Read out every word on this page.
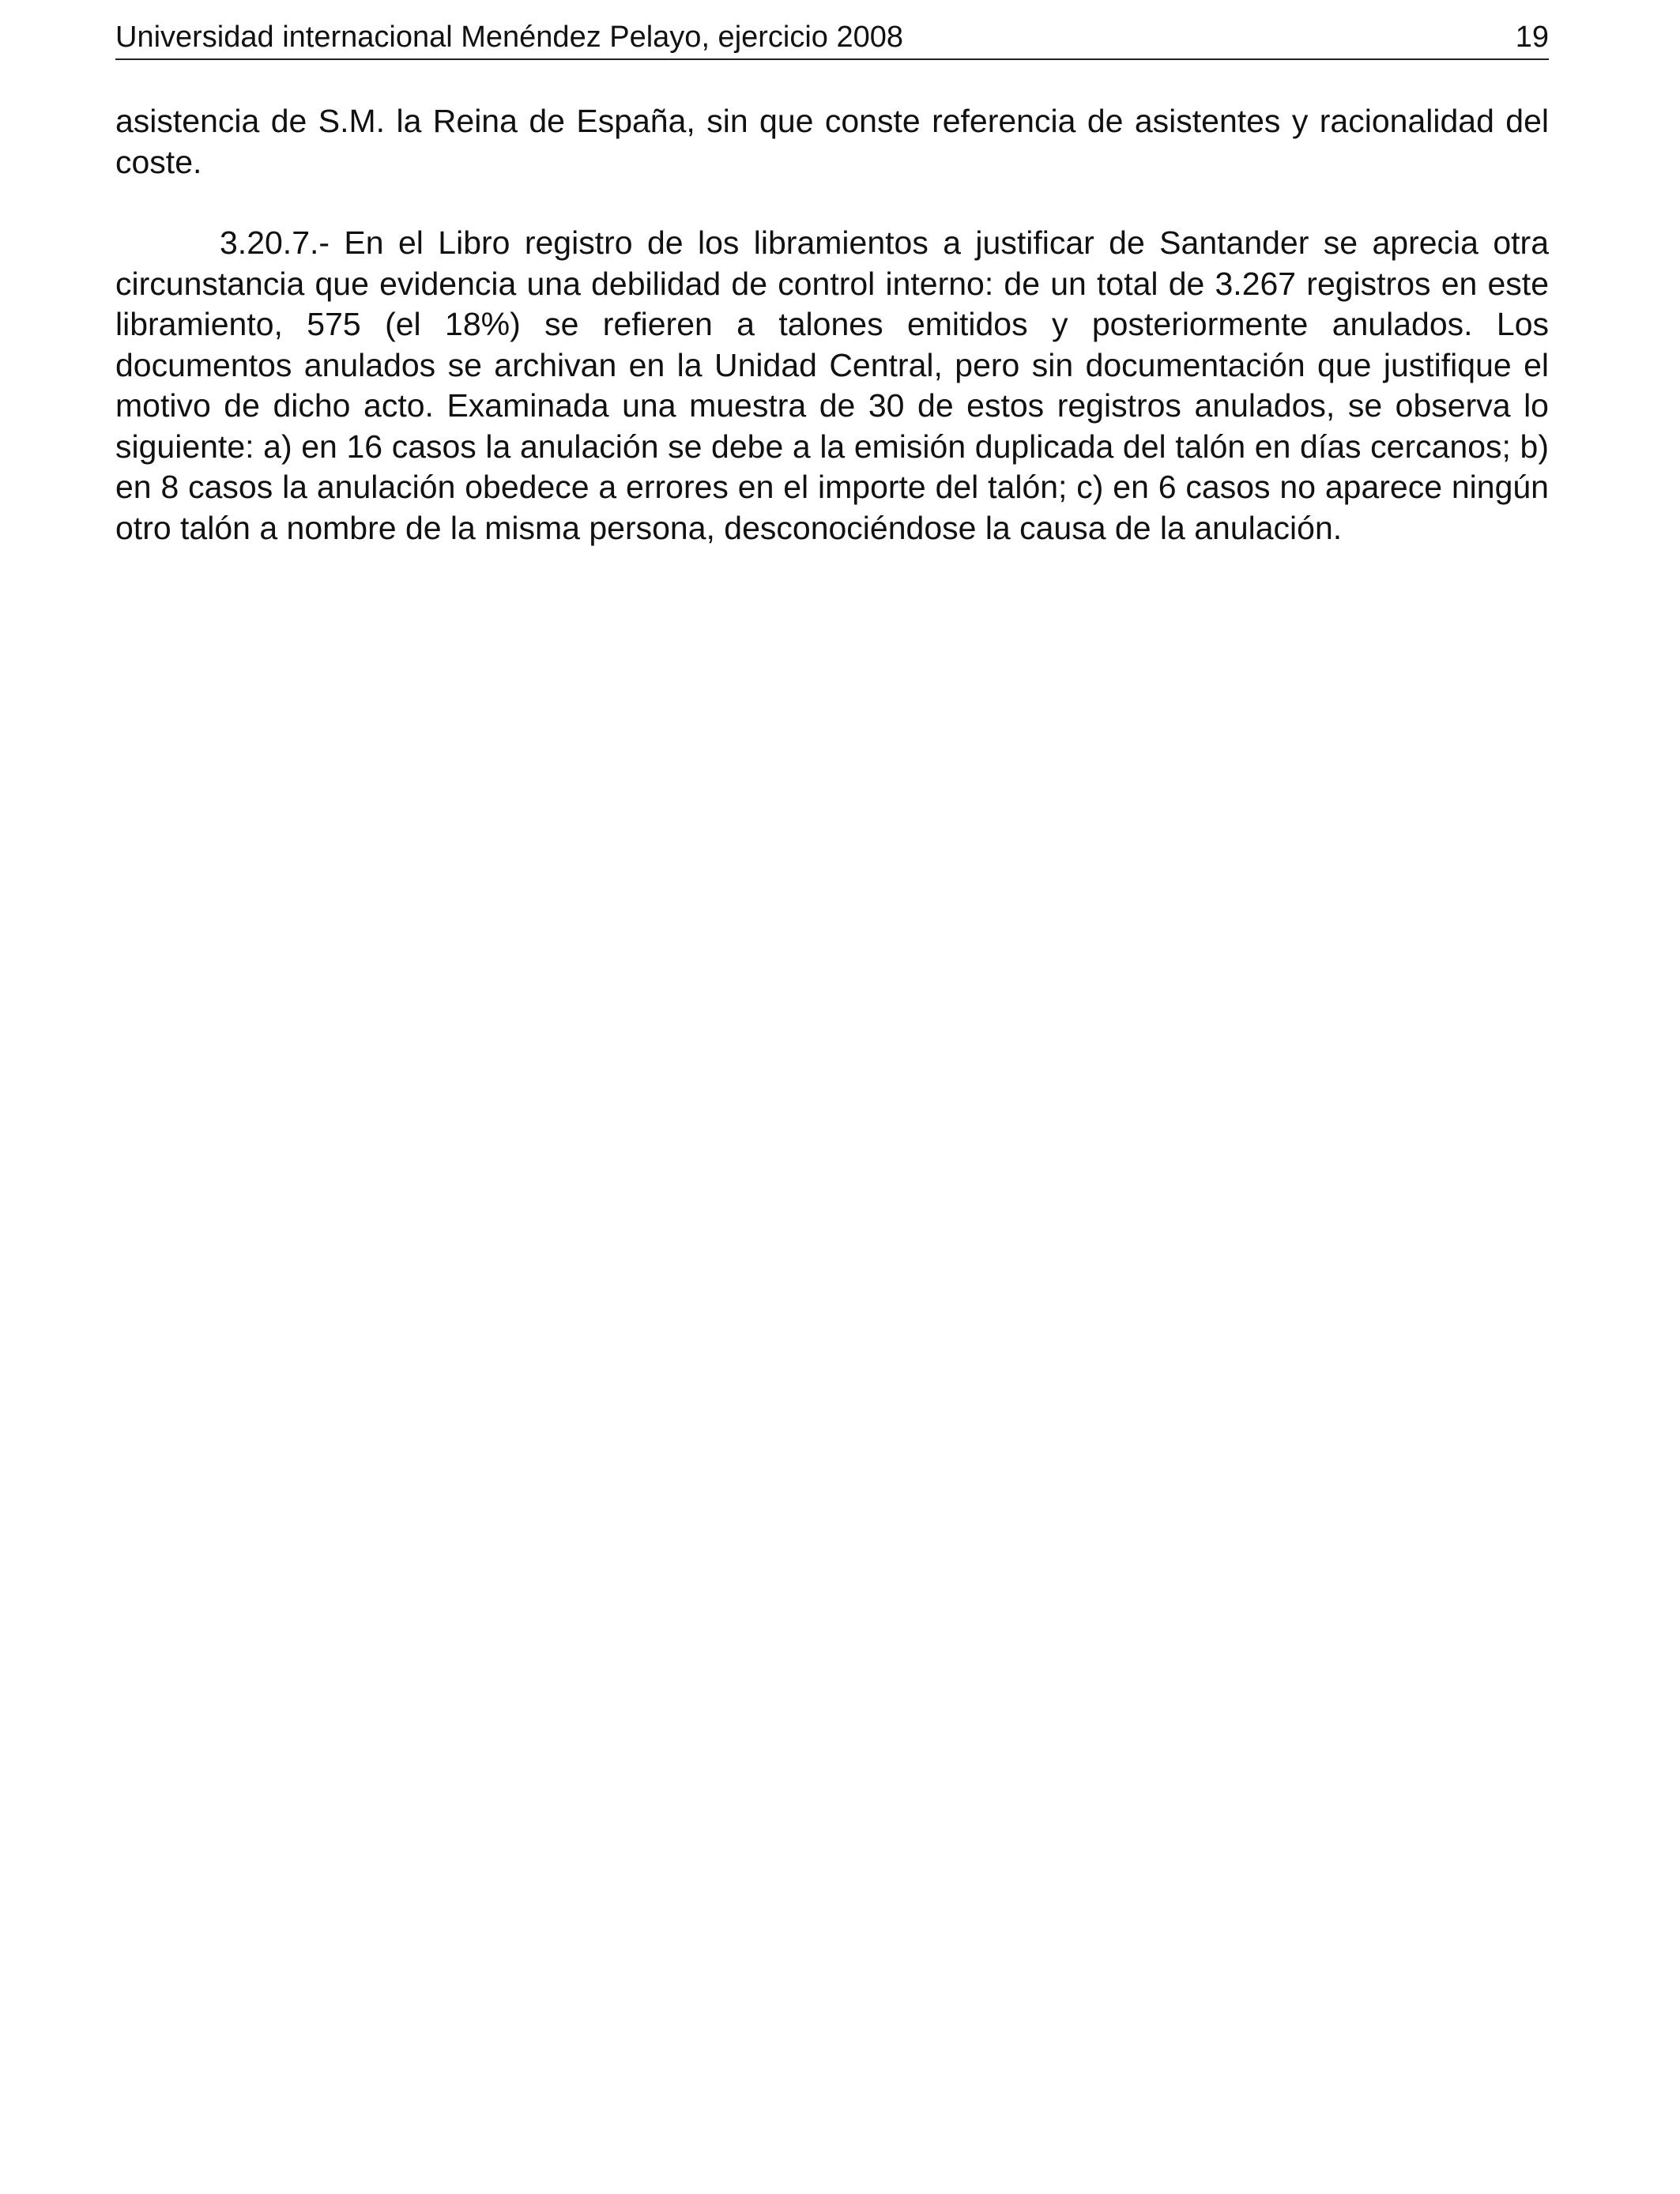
Universidad internacional Menéndez Pelayo, ejercicio 2008	19

asistencia de S.M. la Reina de España, sin que conste referencia de asistentes y racionalidad del coste.

3.20.7.- En el Libro registro de los libramientos a justificar de Santander se aprecia otra circunstancia que evidencia una debilidad de control interno: de un total de 3.267 registros en este libramiento, 575 (el 18%) se refieren a talones emitidos y posteriormente anulados. Los documentos anulados se archivan en la Unidad Central, pero sin documentación que justifique el motivo de dicho acto. Examinada una muestra de 30 de estos registros anulados, se observa lo siguiente: a) en 16 casos la anulación se debe a la emisión duplicada del talón en días cercanos; b) en 8 casos la anulación obedece a errores en el importe del talón; c) en 6 casos no aparece ningún otro talón a nombre de la misma persona, desconociéndose la causa de la anulación.
